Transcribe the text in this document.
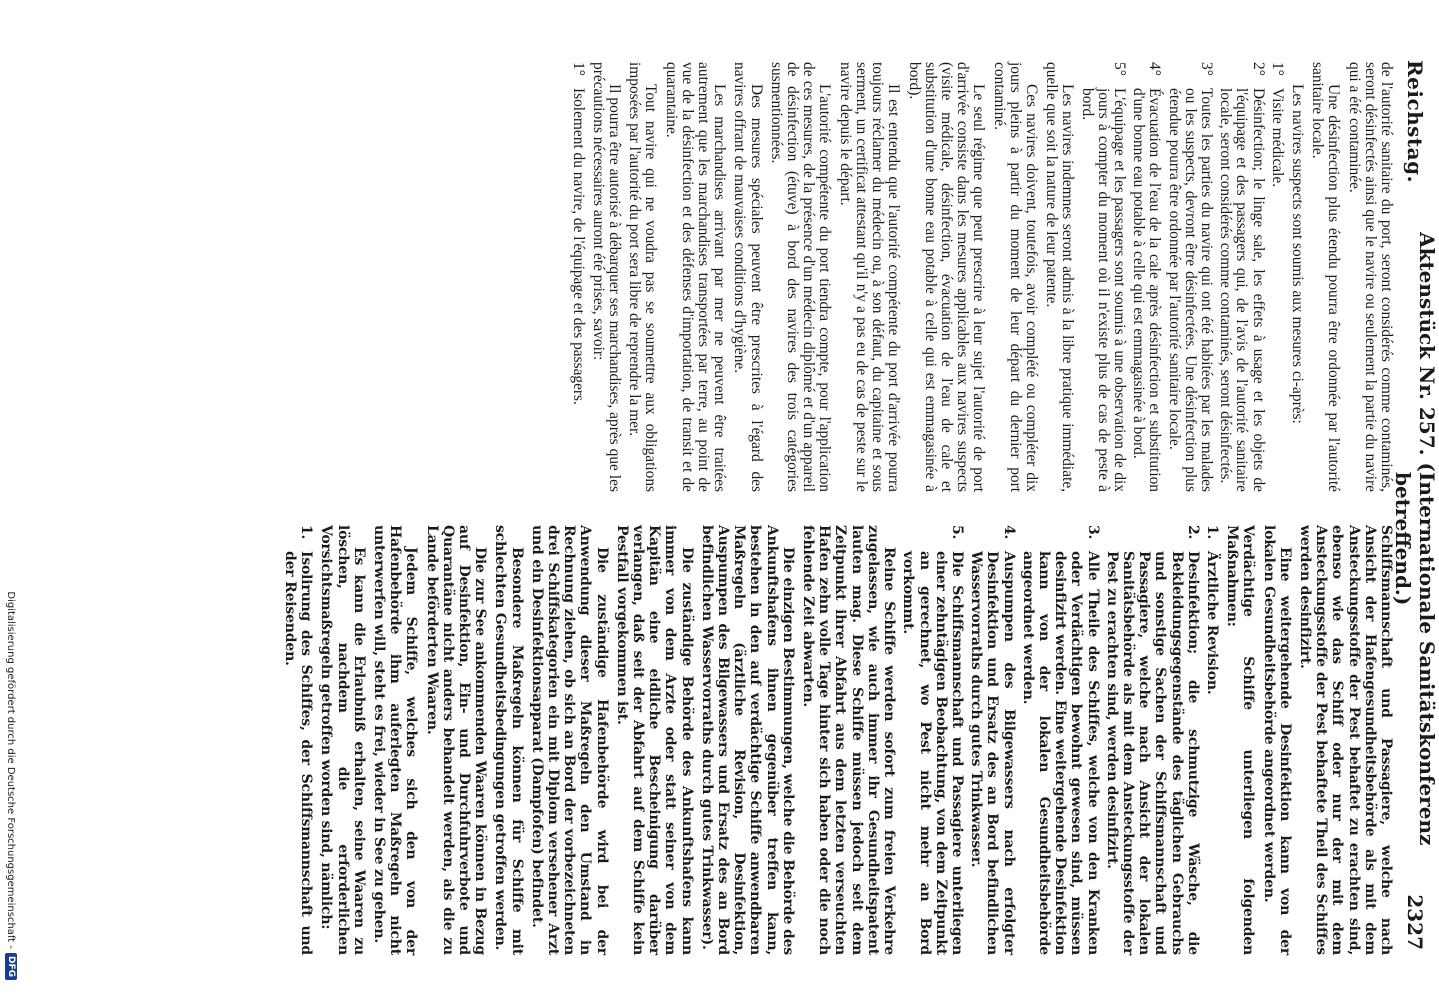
Reichstag.
Aktenstück Nr. 257. (Internationale Sanitätskonferenz betreffend.)
2327

de l'autorité sanitaire du port, seront considérés comme contaminés, seront désinfectés ainsi que le navire ou seulement la partie du navire qui a été contaminée.

Une désinfection plus étendu pourra être ordonnée par l'autorité sanitaire locale.

Les navires suspects sont soumis aux mesures ci-après:

1°
Visite médicale.
2°
Désinfection; le linge sale, les effets à usage et les objets de l'équipage et des passagers qui, de l'avis de l'autorité sanitaire locale, seront considérés comme contaminés, seront désinfectés.
3°
Toutes les parties du navire qui ont été habitées par les malades ou les suspects, devront être désinfectées. Une désinfection plus étendue pourra être ordonnée par l'autorité sanitaire locale.
4°
Évacuation de l'eau de la cale après désinfection et substitution d'une bonne eau potable à celle qui est emmagasinée à bord.
5°
L'équipage et les passagers sont soumis à une observation de dix jours à compter du moment où il n'existe plus de cas de peste à bord.

Les navires indemnes seront admis à la libre pratique immédiate, quelle que soit la nature de leur patente.

Ces navires doivent, toutefois, avoir complété ou compléter dix jours pleins à partir du moment de leur départ du dernier port contaminé.

Le seul régime que peut prescrire à leur sujet l'autorité de port d'arrivée consiste dans les mesures applicables aux navires suspects (visite médicale, désinfection, évacuation de l'eau de cale et substitution d'une bonne eau potable à celle qui est emmagasinée à bord).

Il est entendu que l'autorité compétente du port d'arrivée pourra toujours réclamer du médecin ou, à son défaut, du capitaine et sous serment, un certificat attestant qu'il n'y a pas eu de cas de peste sur le navire depuis le départ.

L'autorité compétente du port tiendra compte, pour l'application de ces mesures, de la présence d'un médecin diplômé et d'un appareil de désinfection (étuve) à bord des navires des trois catégories susmentionnées.

Des mesures spéciales peuvent être prescrites à l'égard des navires offrant de mauvaises conditions d'hygiène.

Les marchandises arrivant par mer ne peuvent être traitées autrement que les marchandises transportées par terre, au point de vue de la désinfection et des défenses d'importation, de transit et de quarantaine.

Tout navire qui ne voudra pas se soumettre aux obligations imposées par l'autorité du port sera libre de reprendre la mer.

Il pourra être autorisé à débarquer ses marchandises, après que les précautions nécessaires auront été prises, savoir:

1°
Isolement du navire, de l'équipage et des passagers.

Schiffsmannschaft und Passagiere, welche nach Ansicht der Hafengesundheitsbehörde als mit dem Ansteckungsstoffe der Pest behaftet zu erachten sind, ebenso wie das Schiff oder nur der mit dem Ansteckungsstoffe der Pest behaftete Theil des Schiffes werden desinfizirt.

Eine weitergehende Desinfektion kann von der lokalen Gesundheitsbehörde angeordnet werden.

Verdächtige Schiffe unterliegen folgenden Maßnahmen:

1.
Ärztliche Revision.
2.
Desinfektion; die schmutzige Wäsche, die Bekleidungsgegenstände des täglichen Gebrauchs und sonstige Sachen der Schiffsmannschaft und Passagiere, welche nach Ansicht der lokalen Sanitätsbehörde als mit dem Ansteckungsstoffe der Pest zu erachten sind, werden desinfizirt.
3.
Alle Theile des Schiffes, welche von den Kranken oder Verdächtigen bewohnt gewesen sind, müssen desinfizirt werden. Eine weitergehende Desinfektion kann von der lokalen Gesundheitsbehörde angeordnet werden.
4.
Auspumpen des Bilgewassers nach erfolgter Desinfektion und Ersatz des an Bord befindlichen Wasservorraths durch gutes Trinkwasser.
5.
Die Schiffsmannschaft und Passagiere unterliegen einer zehntägigen Beobachtung, von dem Zeitpunkt an gerechnet, wo Pest nicht mehr an Bord vorkommt.

Reine Schiffe werden sofort zum freien Verkehre zugelassen, wie auch immer ihr Gesundheitspatent lauten mag. Diese Schiffe müssen jedoch seit dem Zeitpunkt ihrer Abfahrt aus dem letzten verseuchten Hafen zehn volle Tage hinter sich haben oder die noch fehlende Zeit abwarten.

Die einzigen Bestimmungen, welche die Behörde des Ankunftshafens ihnen gegenüber treffen kann, bestehen in den auf verdächtige Schiffe anwendbaren Maßregeln (ärztliche Revision, Desinfektion, Auspumpen des Bilgewassers und Ersatz des an Bord befindlichen Wasservorraths durch gutes Trinkwasser).

Die zuständige Behörde des Ankunftshafens kann immer von dem Arzte oder statt seiner von dem Kapitän eine eidliche Bescheinigung darüber verlangen, daß seit der Abfahrt auf dem Schiffe kein Pestfall vorgekommen ist.

Die zuständige Hafenbehörde wird bei der Anwendung dieser Maßregeln den Umstand in Rechnung ziehen, ob sich an Bord der vorbezeichneten drei Schiffskategorien ein mit Diplom versehener Arzt und ein Desinfektionsapparat (Dampfofen) befindet.

Besondere Maßregeln können für Schiffe mit schlechten Gesundheitsbedingungen getroffen werden.

Die zur See ankommenden Waaren können in Bezug auf Desinfektion, Ein- und Durchfuhrverbote und Quarantäne nicht anders behandelt werden, als die zu Lande beförderten Waaren.

Jedem Schiffe, welches sich den von der Hafenbehörde ihm auferlegten Maßregeln nicht unterwerfen will, steht es frei, wieder in See zu gehen.

Es kann die Erlaubniß erhalten, seine Waaren zu löschen, nachdem die erforderlichen Vorsichtsmaßregeln getroffen worden sind, nämlich:

1.
Isolirung des Schiffes, der Schiffsmannschaft und der Reisenden.
Digitalisierung gefördert durch die Deutsche Forschungsgemeinschaft -
DFG
